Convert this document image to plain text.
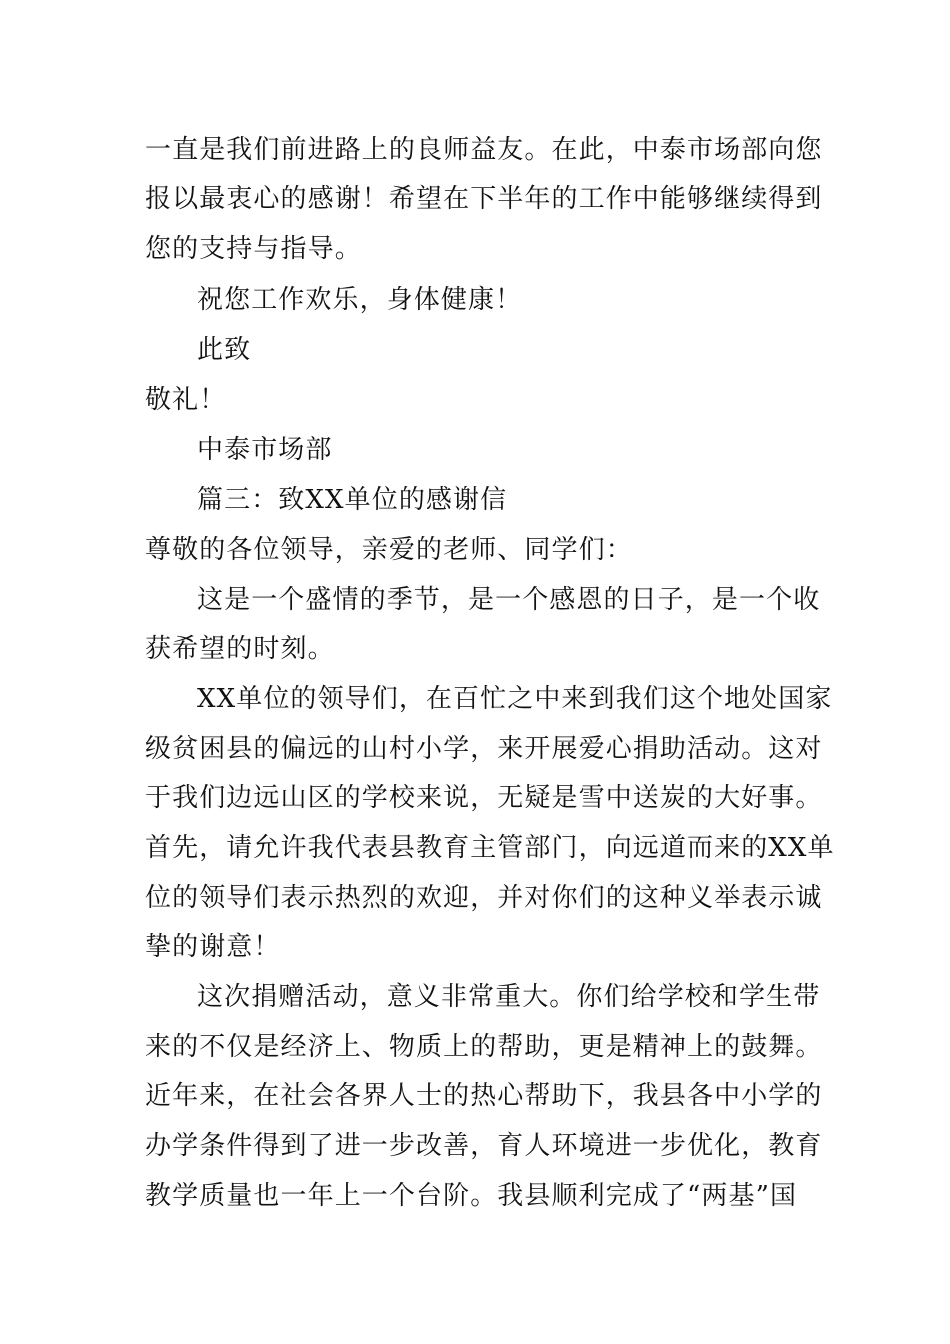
一直是我们前进路上的良师益友。在此，中泰市场部向您
报以最衷心的感谢！希望在下半年的工作中能够继续得到
您的支持与指导。
祝您工作欢乐，身体健康！
此致
敬礼！
中泰市场部
篇三：致XX单位的感谢信
尊敬的各位领导，亲爱的老师、同学们：
这是一个盛情的季节，是一个感恩的日子，是一个收
获希望的时刻。
XX单位的领导们，在百忙之中来到我们这个地处国家
级贫困县的偏远的山村小学，来开展爱心捐助活动。这对
于我们边远山区的学校来说，无疑是雪中送炭的大好事。
首先，请允许我代表县教育主管部门，向远道而来的XX单
位的领导们表示热烈的欢迎，并对你们的这种义举表示诚
挚的谢意！
这次捐赠活动，意义非常重大。你们给学校和学生带
来的不仅是经济上、物质上的帮助，更是精神上的鼓舞。
近年来，在社会各界人士的热心帮助下，我县各中小学的
办学条件得到了进一步改善，育人环境进一步优化，教育
教学质量也一年上一个台阶。我县顺利完成了“两基”国
